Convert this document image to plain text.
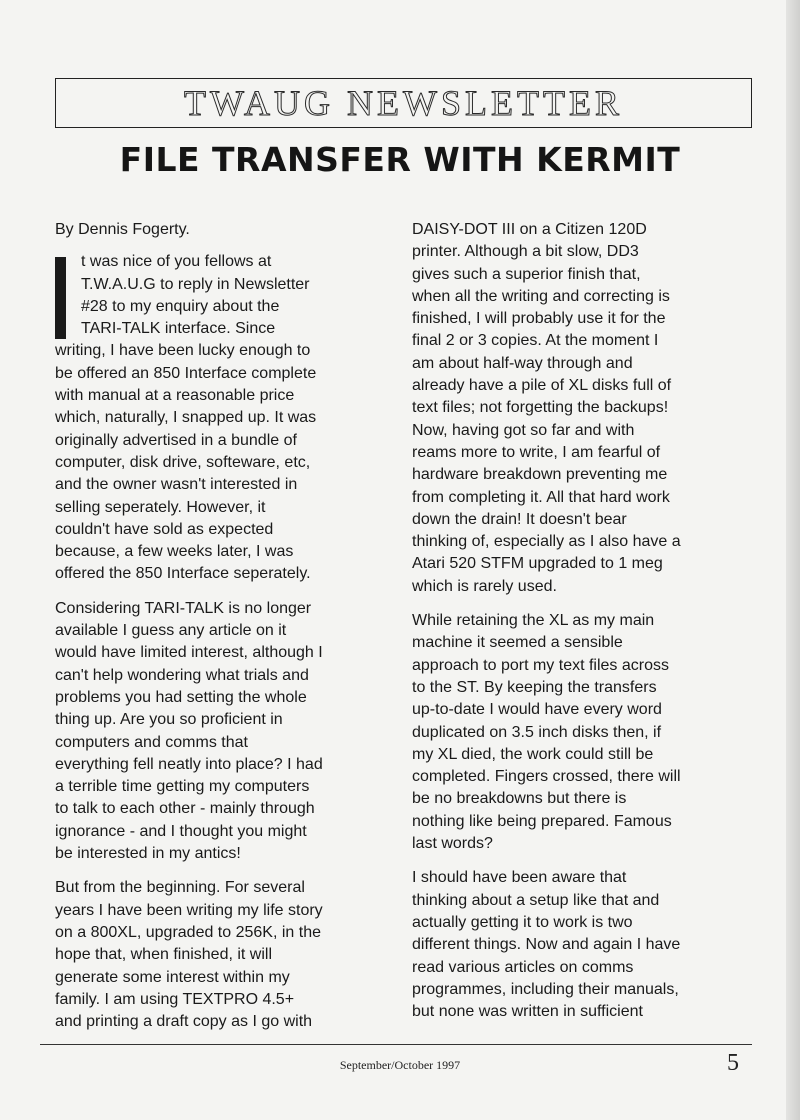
TWAUG NEWSLETTER
FILE TRANSFER WITH KERMIT

By Dennis Fogerty.

t was nice of you fellows at
T.W.A.U.G to reply in Newsletter
#28 to my enquiry about the
TARI-TALK interface. Since
writing, I have been lucky enough to
be offered an 850 Interface complete
with manual at a reasonable price
which, naturally, I snapped up. It was
originally advertised in a bundle of
computer, disk drive, softeware, etc,
and the owner wasn't interested in
selling seperately. However, it
couldn't have sold as expected
because, a few weeks later, I was
offered the 850 Interface seperately.

Considering TARI-TALK is no longer
available I guess any article on it
would have limited interest, although I
can't help wondering what trials and
problems you had setting the whole
thing up. Are you so proficient in
computers and comms that
everything fell neatly into place? I had
a terrible time getting my computers
to talk to each other - mainly through
ignorance - and I thought you might
be interested in my antics!

But from the beginning. For several
years I have been writing my life story
on a 800XL, upgraded to 256K, in the
hope that, when finished, it will
generate some interest within my
family. I am using TEXTPRO 4.5+
and printing a draft copy as I go with

DAISY-DOT III on a Citizen 120D
printer. Although a bit slow, DD3
gives such a superior finish that,
when all the writing and correcting is
finished, I will probably use it for the
final 2 or 3 copies. At the moment I
am about half-way through and
already have a pile of XL disks full of
text files; not forgetting the backups!
Now, having got so far and with
reams more to write, I am fearful of
hardware breakdown preventing me
from completing it. All that hard work
down the drain! It doesn't bear
thinking of, especially as I also have a
Atari 520 STFM upgraded to 1 meg
which is rarely used.

While retaining the XL as my main
machine it seemed a sensible
approach to port my text files across
to the ST. By keeping the transfers
up-to-date I would have every word
duplicated on 3.5 inch disks then, if
my XL died, the work could still be
completed. Fingers crossed, there will
be no breakdowns but there is
nothing like being prepared. Famous
last words?

I should have been aware that
thinking about a setup like that and
actually getting it to work is two
different things. Now and again I have
read various articles on comms
programmes, including their manuals,
but none was written in sufficient

September/October 1997	5
